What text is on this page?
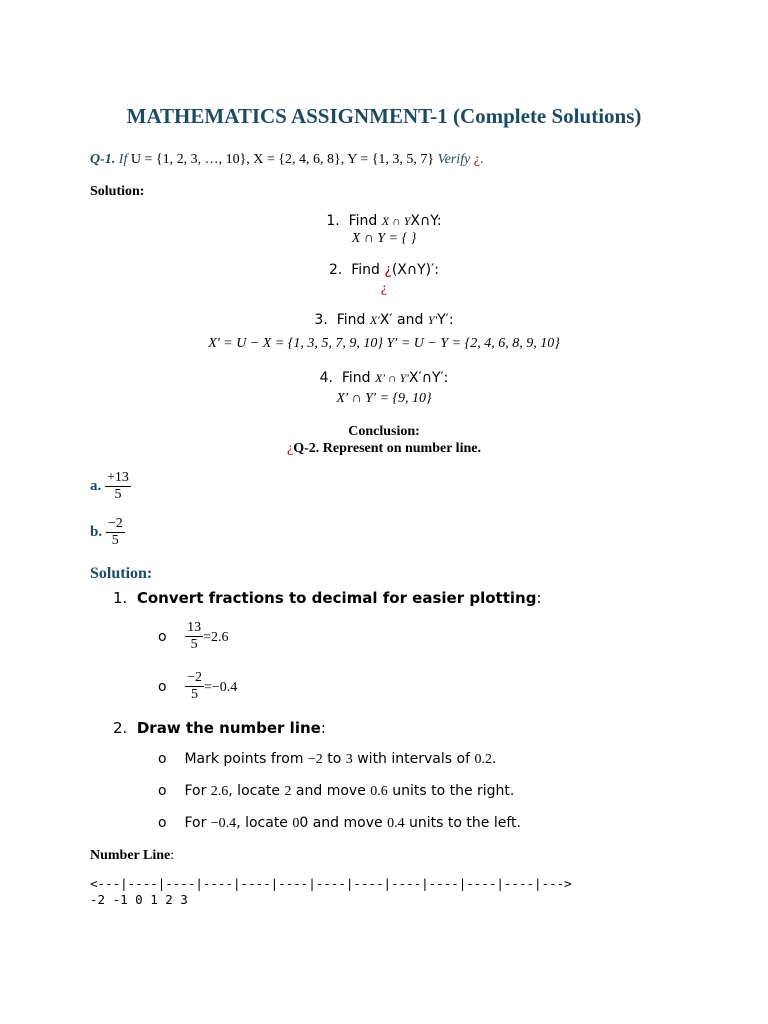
MATHEMATICS ASSIGNMENT-1 (Complete Solutions)
Q-1. If U = {1, 2, 3, …, 10}, X = {2, 4, 6, 8}, Y = {1, 3, 5, 7} Verify ¿.
Solution:
1. Find X ∩ YX∩Y:
X ∩ Y = { }
2. Find ¿(X∩Y)′:
¿
3. Find X′X′ and Y′Y′:
X′ = U − X = {1, 3, 5, 7, 9, 10} Y′ = U − Y = {2, 4, 6, 8, 9, 10}
4. Find X′ ∩ Y′X′∩Y′:
X′ ∩ Y′ = {9, 10}
Conclusion:
¿Q-2. Represent on number line.
a. $\frac{+13}{5}$
b. $\frac{-2}{5}$
Solution:
1. Convert fractions to decimal for easier plotting:
o $\frac{13}{5} =2.6$
o $\frac{-2}{5} =-0.4$
2. Draw the number line:
o Mark points from −2 to 3 with intervals of 0.2.
o For 2.6, locate 2 and move 0.6 units to the right.
o For −0.4, locate 00 and move 0.4 units to the left.
Number Line:
<---|----|----|----|----|----|----|----|----|----|----|----|--->
-2 -1 0 1 2 3
